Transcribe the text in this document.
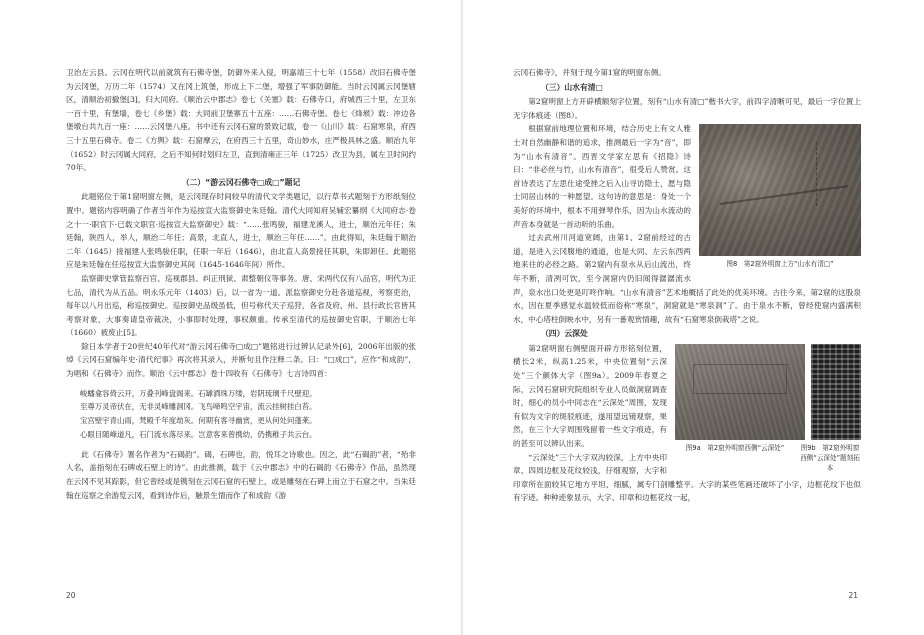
卫治左云县。云冈在明代以前就筑有石佛寺堡，防御外来入侵，明嘉靖三十七年（1558）改旧石佛寺堡为云冈堡，万历二年（1574）又在冈上筑堡，形成上下二堡，增强了军事防御能。当时云冈属云冈堡辖区，清顺治初撤堡[3]，归大同府。《顺治云中郡志》卷七《关塞》载：石佛寺口，府城西三十里，左卫东一百十里，有堡墙，卷七《乡堡》载：大同前卫堡寨五十五座：……石佛寺堡。卷七《烽堠》载：冲边各堡墩台共九百一座：……云冈堡八座。书中还有云冈石窟的景致记载，卷一《山川》载：石窟寒泉，府西三十五里石佛寺。卷二《方舆》载：石窟摩云，在府西三十五里，奇山妙水，庄严极具林之盛。顺治九年（1652）时云冈属大同府，之后不知何时划归左卫，直到清雍正三年（1725）改卫为县，属左卫时间约70年。

（二）“游云冈石佛寺□成□”题记

此题铭位于第1窟明窗左侧，是云冈现存时间较早的清代文学类题记，以行草书式题刻于方形纸刻位置中。题铭内容明确了作者当年作为巡按宣大监察御史朱廷翰。清代大同知府吴辅宏纂纲《大同府志·卷之十一·职官下·已载文职官·巡按宣大监察御史》载：“……张鸣骏，福建龙溪人，进士，顺治元年任；朱廷翰，陕西人，举人，顺治二年任；高景，北直人，进士，顺治三年任……”。由此得知，朱廷翰于顺治二年（1645）接福建人张鸣骏任职，任职一年后（1646），由北直人高景接任其职，朱即卸任。此题铭应是朱廷翰在任巡按宣大监察御史其间（1645-1646年间）所作。

监察御史掌管监察百官、巡视郡县、纠正刑狱、肃整朝仪等事务。唐、宋两代仅有八品官，明代为正七品，清代为从五品。明永乐元年（1403）后，以一省为一道。派监察御史分赴各道巡视，考察吏治，每年以八月出巡，称巡按御史。巡按御史品级虽低，但号称代天子巡狩，各省及府、州、县行政长官皆其考察对象，大事奏请皇帝裁决，小事即时处理，事权颇重。传承至清代的巡按御史官职，于顺治七年（1660）被废止[5]。

除日本学者于20世纪40年代对“游云冈石佛寺□成□”题铭进行过辨认记录外[6]，2006年出版的张焯《云冈石窟编年史·清代纪事》再次将其录入，并断句且作注释二条。曰：“□成□”，应作“和成韵”，为唱和《石佛寺》而作。顺治《云中郡志》卷十四收有《石佛寺》七言诗四首：

峻蟠龛容倚云开，万叠刊峰盘阁来。石罅洒珠万缕，岩阴琉璃千尺壁迎。
至尊万灵帝伏在，无非灵峰雕洞冈。飞鸟啼鸣空宇宙，流云挂树挂白苔。
宝宫壁宇青山雨，梵殿千年度劫灰。何期有客寻幽赏，更从何处问蓬莱。
心眼目随峰道凡，石门流水落尽来。岂意客来曾携幼，仍携稚子共云台。

此《石佛寺》署名作者为“石碣韵”。碣，石碑也，韵，悦耳之诗歌也。因之，此“石碣韵”者，“殆非人名，盖指刻在石碑或石壁上的诗”。由此推测，载于《云中郡志》中的石碣韵《石佛寺》作品，虽然现在云冈不见其踪影，但它曾经或是镌刻在云冈石窟的石壁上，或是雕刻在石碑上而立于石窟之中。当朱廷翰在巡察之余游览云冈，看到诗作后，触景生情而作了和成韵《游

20

云冈石佛寺》，并刻于现今第1窟的明窗东侧。

（三）山水有清□

第2窟明窗上方开辟横额刻字位置，刻有“山水有清□”楷书大字，前四字清晰可见，最后一字位置上无字体痕迹（图8）。

图8　第2窟外明窗上方“山水有清□”

根据窟前地理位置和环境，结合历史上有文人雅士对自然幽静和谐的追求，推测最后一字为“音”，即为“山水有清音”。西晋文学家左思有《招隐》诗曰：“非必丝与竹，山水有清音”，很受后人赞赏。这首诗表达了左思仕途受挫之后入山寻访隐士，愿与隐士同居山林的一种愿望。这句诗的意思是：身处一个美好的环境中，根本不用弹琴作乐，因为山水流动的声音本身就是一首动听的乐曲。

过去武州川河道宽阔，由第1、2窟前经过的古道，是进入云冈腹地的通道，也是大同、左云东西两地来往的必经之路。第2窟内有泉水从后山流出，终年不断，清冽可饮，至今洞窟内仍旧闻得潺潺流水声，泉水出口处更是叮咚作响。“山水有清音”艺术地概括了此处的优美环境。古往今来，第2窟的这股泉水，因在夏季感觉水温较低而俗称“寒泉”，洞窟就是“寒泉洞”了。由于泉水不断，曾经使窟内盛满积水，中心塔柱倒映水中，另有一番观赏情趣，故有“石窟寒泉倒栽塔”之说。

（四）云深处
图9a　第2窟外明窗西侧“云深处”	图9b　第2窟外明窗西侧“云深处”题刻拓本

第2窟明窗右侧壁面开辟方形铭刻位置，横长2米，纵高1.25米，中央位置刻“云深处”三个颜体大字（图9a）。2009年春夏之际，云冈石窟研究院组织专业人员做洞窟调查时，细心的员小中同志在“云深处”周围，发现有似为文字的斑驳痕迹，遂用望远镜观察，果然，在三个大字周围残留着一些文字痕迹，有的甚至可以辨认出来。

“云深处”三个大字双沟较深，上方中央印章、四周边框及花纹较浅，仔细观察，大字和印章所在面较其它地方平坦、细腻，属专门剖雕整平。大字的某些笔画还破坏了小字，边框花纹下也似有字迹。种种迹象显示，大字、印章和边框花纹一起，

21
